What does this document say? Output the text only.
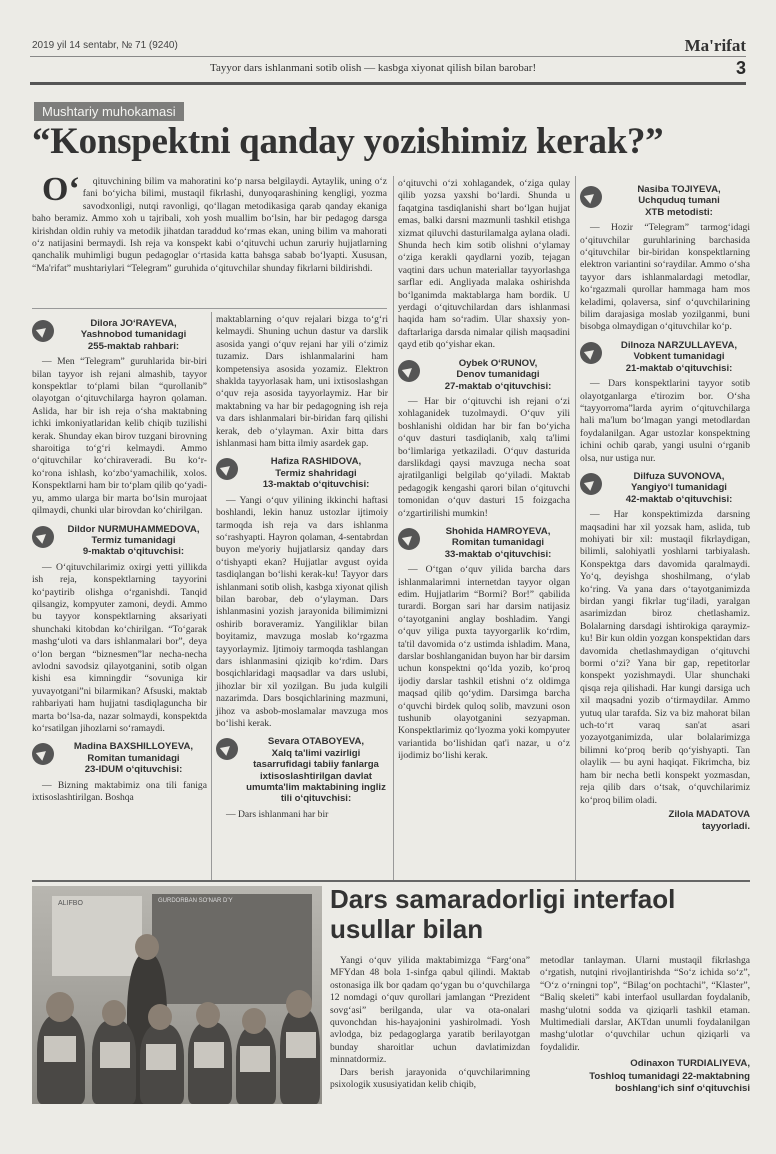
2019 yil 14 sentabr, № 71 (9240)	Ma'rifat
Tayyor dars ishlanmani sotib olish — kasbga xiyonat qilish bilan barobar!	3
Mushtariy muhokamasi
“Konspektni qanday yozishimiz kerak?”

O‘qituvchining bilim va mahoratini ko‘p narsa belgilaydi. Aytaylik, uning o‘z fani bo‘yicha bilimi, mustaqil fikrlashi, dunyoqarashining kengligi, yozma savodxonligi, nutqi ravonligi, qo‘llagan metodikasiga qarab qanday ekaniga baho beramiz. Ammo xoh u tajribali, xoh yosh muallim bo‘lsin, har bir pedagog darsga kirishdan oldin ruhiy va metodik jihatdan taraddud ko‘rmas ekan, uning bilim va mahorati o‘z natijasini bermaydi. Ish reja va konspekt kabi o‘qituvchi uchun zaruriy hujjatlarning qanchalik muhimligi bugun pedagoglar o‘rtasida katta bahsga sabab bo‘lyapti. Xususan, “Ma'rifat” mushtariylari “Telegram” guruhida o‘qituvchilar shunday fikrlarni bildirishdi.

Dilora JO‘RAYEVA,
Yashnobod tumanidagi
255-maktab rahbari:

— Men “Telegram” guruhlarida bir-biri bilan tayyor ish rejani almashib, tayyor konspektlar to‘plami bilan “qurollanib” olayotgan o‘qituvchilarga hayron qolaman. Aslida, har bir ish reja o‘sha maktabning ichki imkoniyatlaridan kelib chiqib tuzilishi kerak. Shunday ekan birov tuzgani birovning sharoitiga to‘g‘ri kelmaydi. Ammo o‘qituvchilar ko‘chiraveradi. Bu ko‘r-ko‘rona ishlash, ko‘zbo‘yamachilik, xolos. Konspektlarni ham bir to‘plam qilib qo‘yadi-yu, ammo ularga bir marta bo‘lsin murojaat qilmaydi, chunki ular birovdan ko‘chirilgan.

Dildor NURMUHAMMEDOVA, Termiz tumanidagi
9-maktab o‘qituvchisi:

— O‘qituvchilarimiz oxirgi yetti yillikda ish reja, konspektlarning tayyorini ko‘paytirib olishga o‘rganishdi. Tanqid qilsangiz, kompyuter zamoni, deydi. Ammo bu tayyor konspektlarning aksariyati shunchaki kitobdan ko‘chirilgan. “To‘garak mashg‘uloti va dars ishlanmalari bor”, deya o‘lon bergan “biznesmen”lar necha-necha avlodni savodsiz qilayotganini, sotib olgan kishi esa kimningdir “sovuniga kir yuvayotgani”ni bilarmikan? Afsuski, maktab rahbariyati ham hujjatni tasdiqlaguncha bir marta bo‘lsa-da, nazar solmaydi, konspektda ko‘rsatilgan jihozlarni so‘ramaydi.

Madina BAXSHILLOYEVA,
Romitan tumanidagi
23-IDUM o‘qituvchisi:

— Bizning maktabimiz ona tili faniga ixtisoslashtirilgan. Boshqa

maktablarning o‘quv rejalari bizga to‘g‘ri kelmaydi. Shuning uchun dastur va darslik asosida yangi o‘quv rejani har yili o‘zimiz tuzamiz. Dars ishlanmalarini ham kompetensiya asosida yozamiz. Elektron shaklda tayyorlasak ham, uni ixtisoslashgan o‘quv reja asosida tayyorlaymiz. Har bir maktabning va har bir pedagogning ish reja va dars ishlanmalari bir-biridan farq qilishi kerak, deb o‘ylayman. Axir bitta dars ishlanmasi ham bitta ilmiy asardek gap.

Hafiza RASHIDOVA,
Termiz shahridagi
13-maktab o‘qituvchisi:

— Yangi o‘quv yilining ikkinchi haftasi boshlandi, lekin hanuz ustozlar ijtimoiy tarmoqda ish reja va dars ishlanma so‘rashyapti. Hayron qolaman, 4-sentabrdan buyon me'yoriy hujjatlarsiz qanday dars o‘tishyapti ekan? Hujjatlar avgust oyida tasdiqlangan bo‘lishi kerak-ku! Tayyor dars ishlanmani sotib olish, kasbga xiyonat qilish bilan barobar, deb o‘ylayman. Dars ishlanmasini yozish jarayonida bilimimizni oshirib boraveramiz. Yangiliklar bilan boyitamiz, mavzuga moslab ko‘rgazma tayyorlaymiz. Ijtimoiy tarmoqda tashlangan dars ishlanmasini qiziqib ko‘rdim. Dars bosqichlaridagi maqsadlar va dars uslubi, jihozlar bir xil yozilgan. Bu juda kulgili nazarimda. Dars bosqichlarining mazmuni, jihoz va asbob-moslamalar mavzuga mos bo‘lishi kerak.

Sevara OTABOYEVA,
Xalq ta'limi vazirligi tasarrufidagi tabiiy fanlarga ixtisoslashtirilgan davlat umumta'lim maktabining ingliz tili o‘qituvchisi:

— Dars ishlanmani har bir

o‘qituvchi o‘zi xohlagandek, o‘ziga qulay qilib yozsa yaxshi bo‘lardi. Shunda u faqatgina tasdiqlanishi shart bo‘lgan hujjat emas, balki darsni mazmunli tashkil etishga xizmat qiluvchi dasturilamalga aylana oladi. Shunda hech kim sotib olishni o‘ylamay o‘ziga kerakli qaydlarni yozib, tejagan vaqtini dars uchun materiallar tayyorlashga sarflar edi. Angliyada malaka oshirishda bo‘lganimda maktablarga ham bordik. U yerdagi o‘qituvchilardan dars ishlanmasi haqida ham so‘radim. Ular shaxsiy yon-daftarlariga darsda nimalar qilish maqsadini qayd etib qo‘yishar ekan.

Oybek O‘RUNOV,
Denov tumanidagi
27-maktab o‘qituvchisi:

— Har bir o‘qituvchi ish rejani o‘zi xohlaganidek tuzolmaydi. O‘quv yili boshlanishi oldidan har bir fan bo‘yicha o‘quv dasturi tasdiqlanib, xalq ta'limi bo‘limlariga yetkaziladi. O‘quv dasturida darslikdagi qaysi mavzuga necha soat ajratilganligi belgilab qo‘yiladi. Maktab pedagogik kengashi qarori bilan o‘qituvchi tomonidan o‘quv dasturi 15 foizgacha o‘zgartirilishi mumkin!

Shohida HAMROYEVA,
Romitan tumanidagi
33-maktab o‘qituvchisi:

— O‘tgan o‘quv yilida barcha dars ishlanmalarimni internetdan tayyor olgan edim. Hujjatlarim “Bormi? Bor!” qabilida turardi. Borgan sari har darsim natijasiz o‘tayotganini anglay boshladim. Yangi o‘quv yiliga puxta tayyorgarlik ko‘rdim, ta'til davomida o‘z ustimda ishladim. Mana, darslar boshlanganidan buyon har bir darsim uchun konspektni qo‘lda yozib, ko‘proq ijodiy darslar tashkil etishni o‘z oldimga maqsad qilib qo‘ydim. Darsimga barcha o‘quvchi birdek quloq solib, mavzuni oson tushunib olayotganini sezyapman. Konspektlarimiz qo‘lyozma yoki kompyuter variantida bo‘lishidan qat'i nazar, u o‘z ijodimiz bo‘lishi kerak.

Nasiba TOJIYEVA,
Uchquduq tumani
XTB metodisti:

— Hozir “Telegram” tarmog‘idagi o‘qituvchilar guruhlarining barchasida o‘qituvchilar bir-biridan konspektlarning elektron variantini so‘raydilar. Ammo o‘sha tayyor dars ishlanmalardagi metodlar, ko‘rgazmali qurollar hammaga ham mos keladimi, qolaversa, sinf o‘quvchilarining bilim darajasiga moslab yozilganmi, buni bisobga olmaydigan o‘qituvchilar ko‘p.

Dilnoza NARZULLAYEVA,
Vobkent tumanidagi
21-maktab o‘qituvchisi:

— Dars konspektlarini tayyor sotib olayotganlarga e'tirozim bor. O‘sha “tayyorroma”larda ayrim o‘qituvchilarga hali ma'lum bo‘lmagan yangi metodlardan foydalanilgan. Agar ustozlar konspektning ichini ochib qarab, yangi usulni o‘rganib olsa, nur ustiga nur.

Dilfuza SUVONOVA,
Yangiyo‘l tumanidagi
42-maktab o‘qituvchisi:

— Har konspektimizda darsning maqsadini har xil yozsak ham, aslida, tub mohiyati bir xil: mustaqil fikrlaydigan, bilimli, salohiyatli yoshlarni tarbiyalash. Konspektga dars davomida qaralmaydi. Yo‘q, deyishga shoshilmang, o‘ylab ko‘ring. Va yana dars o‘tayotganimizda birdan yangi fikrlar tug‘iladi, yaralgan asarimizdan biroz chetlashamiz. Bolalarning darsdagi ishtirokiga qaraymiz-ku! Bir kun oldin yozgan konspektidan dars davomida chetlashmaydigan o‘qituvchi bormi o‘zi? Yana bir gap, repetitorlar konspekt yozishmaydi. Ular shunchaki qisqa reja qilishadi. Har kungi darsiga uch xil maqsadni yozib o‘tirmaydilar. Ammo yutuq ular tarafda. Siz va biz mahorat bilan uch-to‘rt varaq san'at asari yozayotganimizda, ular bolalarimizga bilimni ko‘proq berib qo‘yishyapti. Tan olaylik — bu ayni haqiqat. Fikrimcha, biz ham bir necha betli konspekt yozmasdan, reja qilib dars o‘tsak, o‘quvchilarimiz ko‘proq bilim oladi.

Zilola MADATOVA
tayyorladi.
ALIFBO	GURDORBAN SO‘NAR D’Y	Dars samaradorligi interfaol usullar bilan

Yangi o‘quv yilida maktabimizga “Farg‘ona” MFYdan 48 bola 1-sinfga qabul qilindi. Maktab ostonasiga ilk bor qadam qo‘ygan bu o‘quvchilarga 12 nomdagi o‘quv qurollari jamlangan “Prezident sovg‘asi” berilganda, ular va ota-onalari quvonchdan his-hayajonini yashirolmadi. Yosh avlodga, biz pedagoglarga yaratib berilayotgan bunday sharoitlar uchun davlatimizdan minnatdormiz.

Dars berish jarayonida o‘quvchilarimning psixologik xususiyatidan kelib chiqib,

metodlar tanlayman. Ularni mustaqil fikrlashga o‘rgatish, nutqini rivojlantirishda “So‘z ichida so‘z”, “O‘z o‘rningni top”, “Bilag‘on pochtachi”, “Klaster”, “Baliq skeleti” kabi interfaol usullardan foydalanib, mashg‘ulotni sodda va qiziqarli tashkil etaman. Multimediali darslar, AKTdan unumli foydalanilgan mashg‘ulotlar o‘quvchilar uchun qiziqarli va foydalidir.

Odinaxon TURDIALIYEVA,
Toshloq tumanidagi 22-maktabning boshlang‘ich sinf o‘qituvchisi
